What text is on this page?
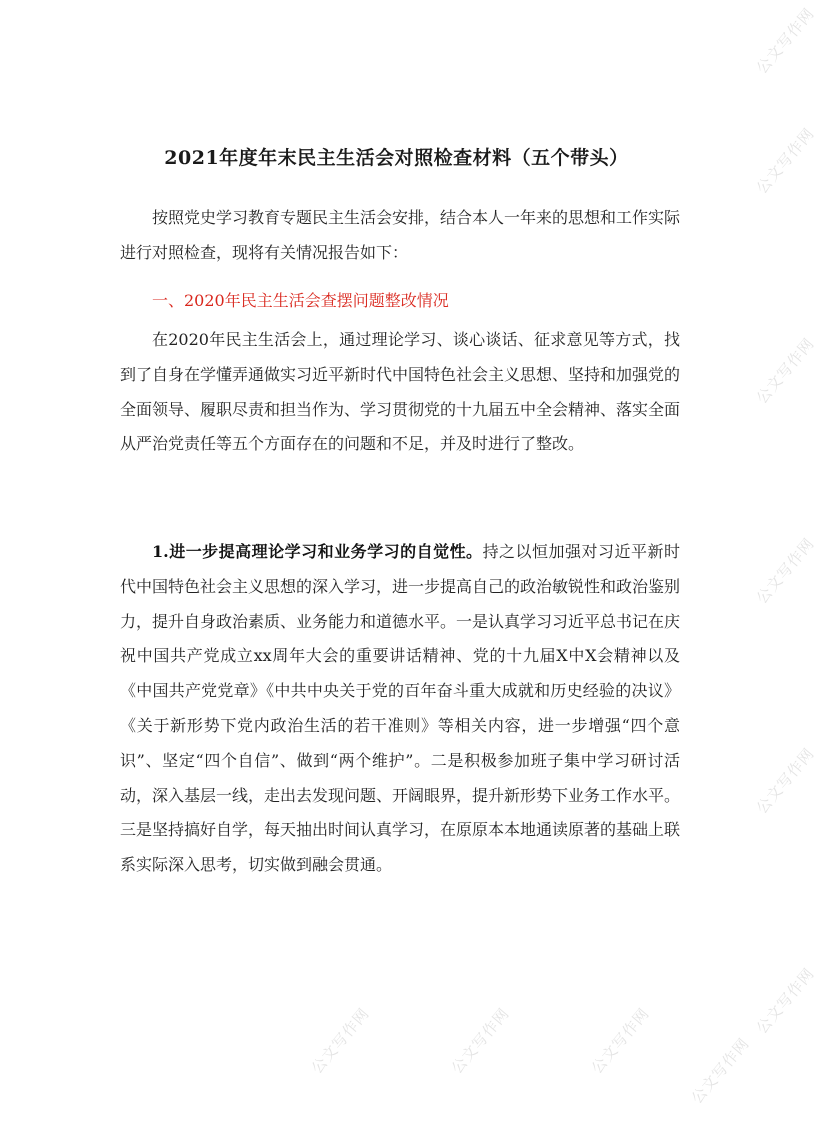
公文写作网
公文写作网
公文写作网
公文写作网
公文写作网
公文写作网
公文写作网	公文写作网	公文写作网 公文写作网
2021年度年末民主生活会对照检查材料（五个带头）

按照党史学习教育专题民主生活会安排，结合本人一年来的思想和工作实际进行对照检查，现将有关情况报告如下：

一、2020年民主生活会查摆问题整改情况

在2020年民主生活会上，通过理论学习、谈心谈话、征求意见等方式，找到了自身在学懂弄通做实习近平新时代中国特色社会主义思想、坚持和加强党的全面领导、履职尽责和担当作为、学习贯彻党的十九届五中全会精神、落实全面从严治党责任等五个方面存在的问题和不足，并及时进行了整改。

1.进一步提高理论学习和业务学习的自觉性。持之以恒加强对习近平新时代中国特色社会主义思想的深入学习，进一步提高自己的政治敏锐性和政治鉴别力，提升自身政治素质、业务能力和道德水平。一是认真学习习近平总书记在庆祝中国共产党成立xx周年大会的重要讲话精神、党的十九届X中X会精神以及《中国共产党党章》《中共中央关于党的百年奋斗重大成就和历史经验的决议》《关于新形势下党内政治生活的若干准则》等相关内容，进一步增强“四个意识”、坚定“四个自信”、做到“两个维护”。二是积极参加班子集中学习研讨活动，深入基层一线，走出去发现问题、开阔眼界，提升新形势下业务工作水平。三是坚持搞好自学，每天抽出时间认真学习，在原原本本地通读原著的基础上联系实际深入思考，切实做到融会贯通。
